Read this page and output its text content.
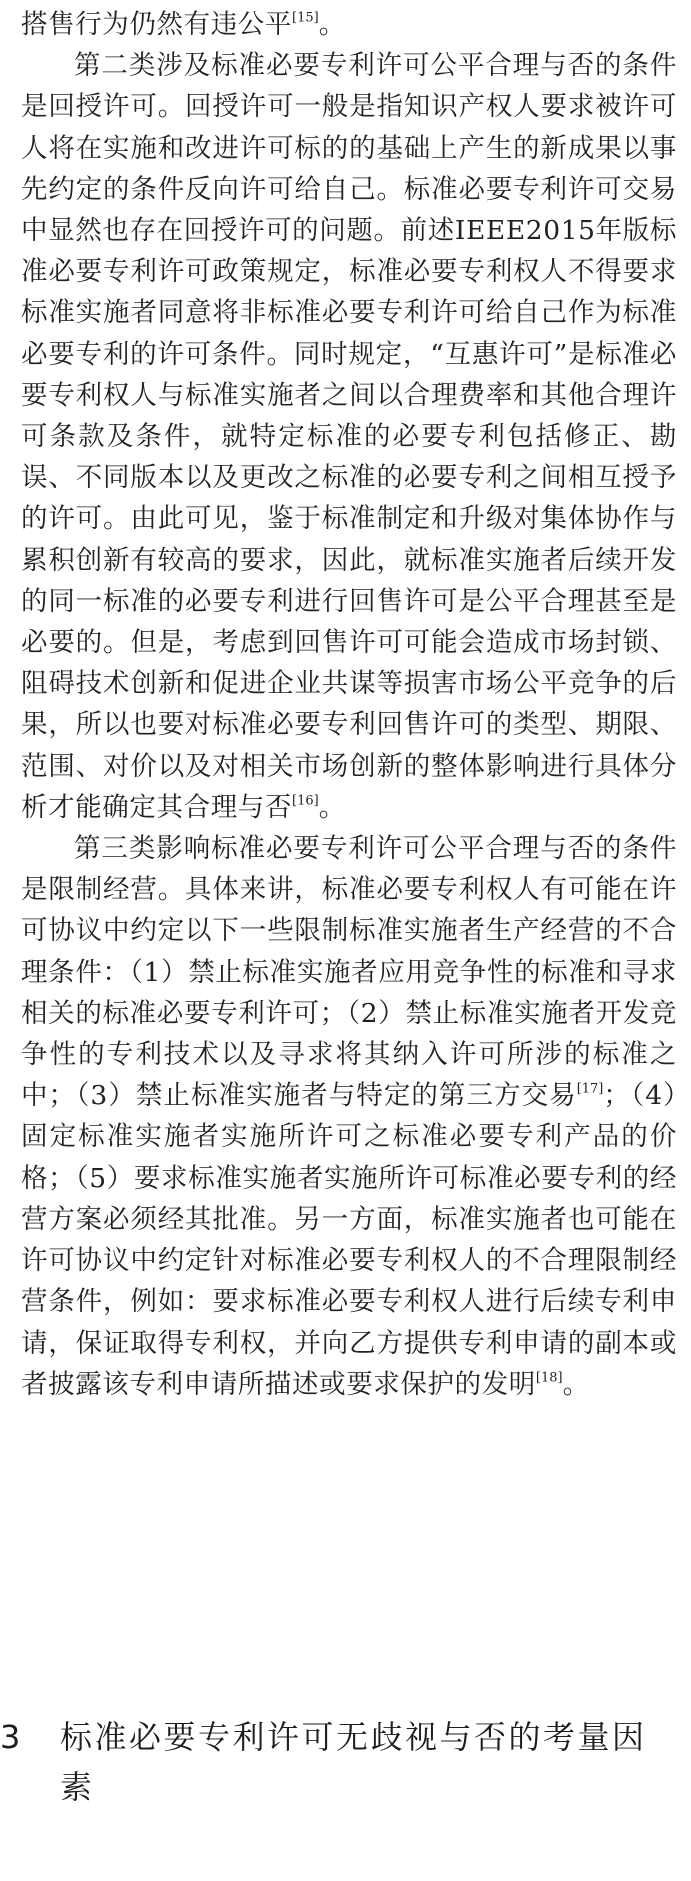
搭售行为仍然有违公平[15]。

第二类涉及标准必要专利许可公平合理与否的条件是回授许可。回授许可一般是指知识产权人要求被许可人将在实施和改进许可标的的基础上产生的新成果以事先约定的条件反向许可给自己。标准必要专利许可交易中显然也存在回授许可的问题。前述IEEE2015年版标准必要专利许可政策规定，标准必要专利权人不得要求标准实施者同意将非标准必要专利许可给自己作为标准必要专利的许可条件。同时规定，“互惠许可”是标准必要专利权人与标准实施者之间以合理费率和其他合理许可条款及条件，就特定标准的必要专利包括修正、勘误、不同版本以及更改之标准的必要专利之间相互授予的许可。由此可见，鉴于标准制定和升级对集体协作与累积创新有较高的要求，因此，就标准实施者后续开发的同一标准的必要专利进行回售许可是公平合理甚至是必要的。但是，考虑到回售许可可能会造成市场封锁、阻碍技术创新和促进企业共谋等损害市场公平竞争的后果，所以也要对标准必要专利回售许可的类型、期限、范围、对价以及对相关市场创新的整体影响进行具体分析才能确定其合理与否[16]。

第三类影响标准必要专利许可公平合理与否的条件是限制经营。具体来讲，标准必要专利权人有可能在许可协议中约定以下一些限制标准实施者生产经营的不合理条件：（1）禁止标准实施者应用竞争性的标准和寻求相关的标准必要专利许可；（2）禁止标准实施者开发竞争性的专利技术以及寻求将其纳入许可所涉的标准之中；（3）禁止标准实施者与特定的第三方交易[17]；（4）固定标准实施者实施所许可之标准必要专利产品的价格；（5）要求标准实施者实施所许可标准必要专利的经营方案必须经其批准。另一方面，标准实施者也可能在许可协议中约定针对标准必要专利权人的不合理限制经营条件，例如：要求标准必要专利权人进行后续专利申请，保证取得专利权，并向乙方提供专利申请的副本或者披露该专利申请所描述或要求保护的发明[18]。

3	标准必要专利许可无歧视与否的考量因素
